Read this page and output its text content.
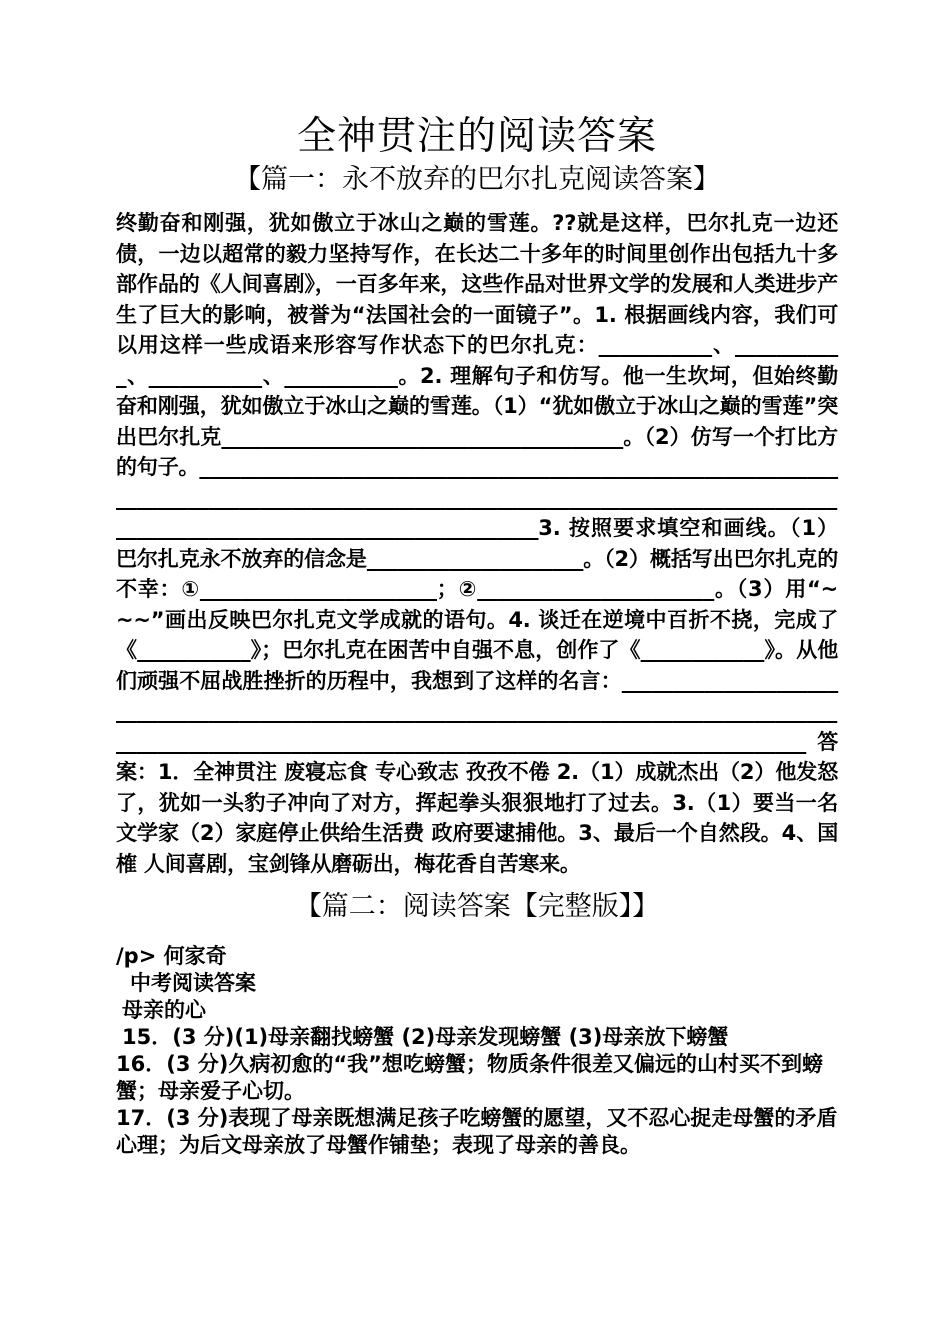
全神贯注的阅读答案
【篇一：永不放弃的巴尔扎克阅读答案】

终勤奋和刚强，犹如傲立于冰山之巅的雪莲。??就是这样，巴尔扎克一边还债，一边以超常的毅力坚持写作，在长达二十多年的时间里创作出包括九十多部作品的《人间喜剧》，一百多年来，这些作品对世界文学的发展和人类进步产生了巨大的影响，被誉为“法国社会的一面镜子”。1. 根据画线内容，我们可以用这样一些成语来形容写作状态下的巴尔扎克：___________、___________、___________、___________。2. 理解句子和仿写。他一生坎坷，但始终勤奋和刚强，犹如傲立于冰山之巅的雪莲。（1）“犹如傲立于冰山之巅的雪莲”突出巴尔扎克_______________________________________。（2）仿写一个打比方的句子。_____________________________________________________________________________________________________________________________________________________________________________3. 按照要求填空和画线。（1）巴尔扎克永不放弃的信念是_____________________。（2）概括写出巴尔扎克的不幸：①_______________________；②_______________________。（3）用“~~~”画出反映巴尔扎克文学成就的语句。4. 谈迁在逆境中百折不挠，完成了《___________》；巴尔扎克在困苦中自强不息，创作了《____________》。从他们顽强不屈战胜挫折的历程中，我想到了这样的名言：______________________________________________________________________________________________________________________________________________________________答案：1．全神贯注 废寝忘食 专心致志 孜孜不倦 2.（1）成就杰出（2）他发怒了，犹如一头豹子冲向了对方，挥起拳头狠狠地打了过去。3.（1）要当一名文学家（2）家庭停止供给生活费 政府要逮捕他。3、最后一个自然段。4、国榷 人间喜剧，宝剑锋从磨砺出，梅花香自苦寒来。

【篇二：阅读答案【完整版】】

/p> 何家奇

中考阅读答案

母亲的心

15．(3 分)(1)母亲翻找螃蟹 (2)母亲发现螃蟹 (3)母亲放下螃蟹

16．(3 分)久病初愈的“我”想吃螃蟹；物质条件很差又偏远的山村买不到螃蟹；母亲爱子心切。

17．(3 分)表现了母亲既想满足孩子吃螃蟹的愿望，又不忍心捉走母蟹的矛盾心理；为后文母亲放了母蟹作铺垫；表现了母亲的善良。
